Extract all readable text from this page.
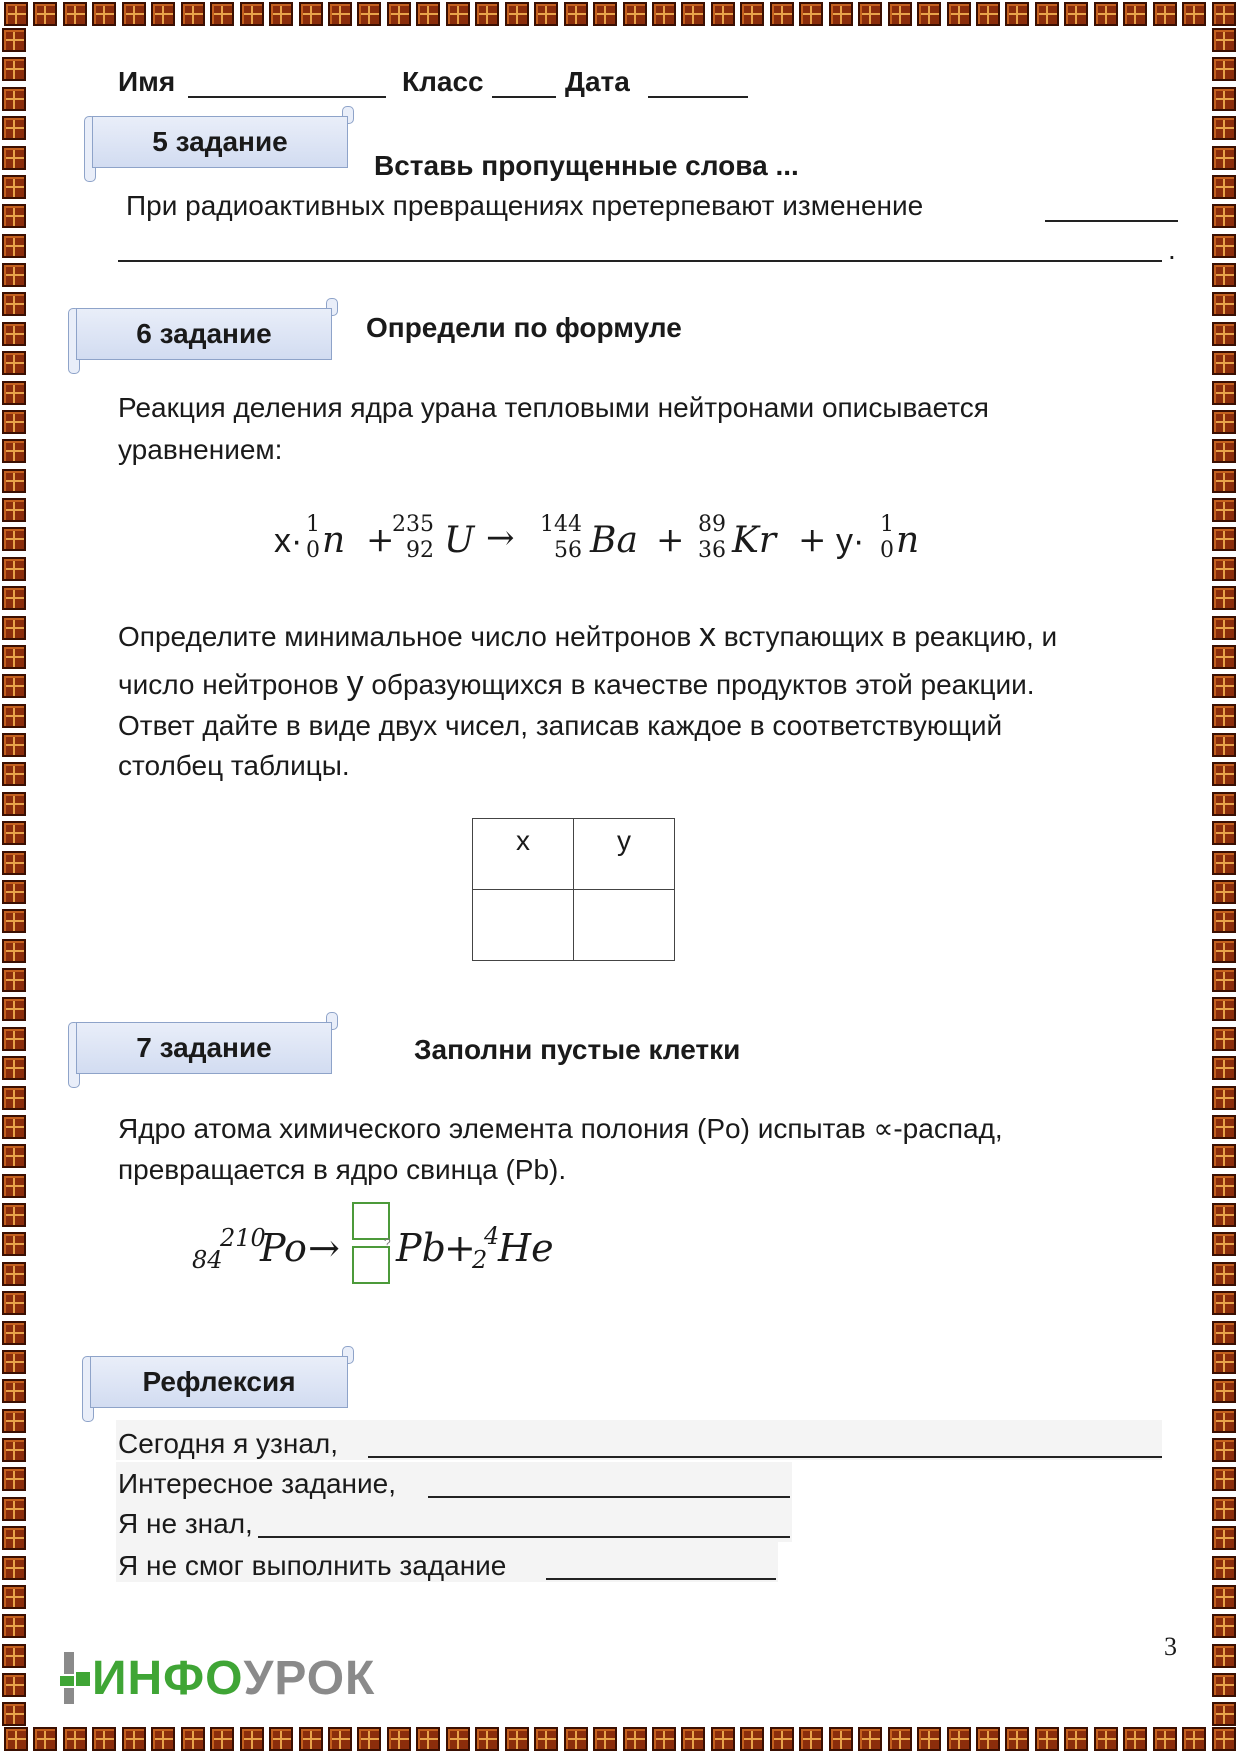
Имя	Класс	Дата
5 задание
Вставь пропущенные слова ...
При радиоактивных превращениях претерпевают изменение
.
6 задание	Определи по формуле
Реакция деления ядра урана тепловыми нейтронами описывается
уравнением:
x· 1
0 n +
235
92 U → 144
56 Ba + 89
36 Kr + y· 1
0 n
Определите минимальное число нейтронов x вступающих в реакцию, и
число нейтронов y образующихся в качестве продуктов этой реакции.
Ответ дайте в виде двух чисел, записав каждое в соответствующий
столбец таблицы.
x	y

7 задание	Заполни пустые клетки
Ядро атома химического элемента полония (Po) испытав ∝-распад,
превращается в ядро свинца (Pb).
84
210
Po →	? Pb
+
2
4
He
Рефлексия
Сегодня я узнал,
Интересное задание,
Я не знал,
Я не смог выполнить задание
3
ИНФО УРОК
